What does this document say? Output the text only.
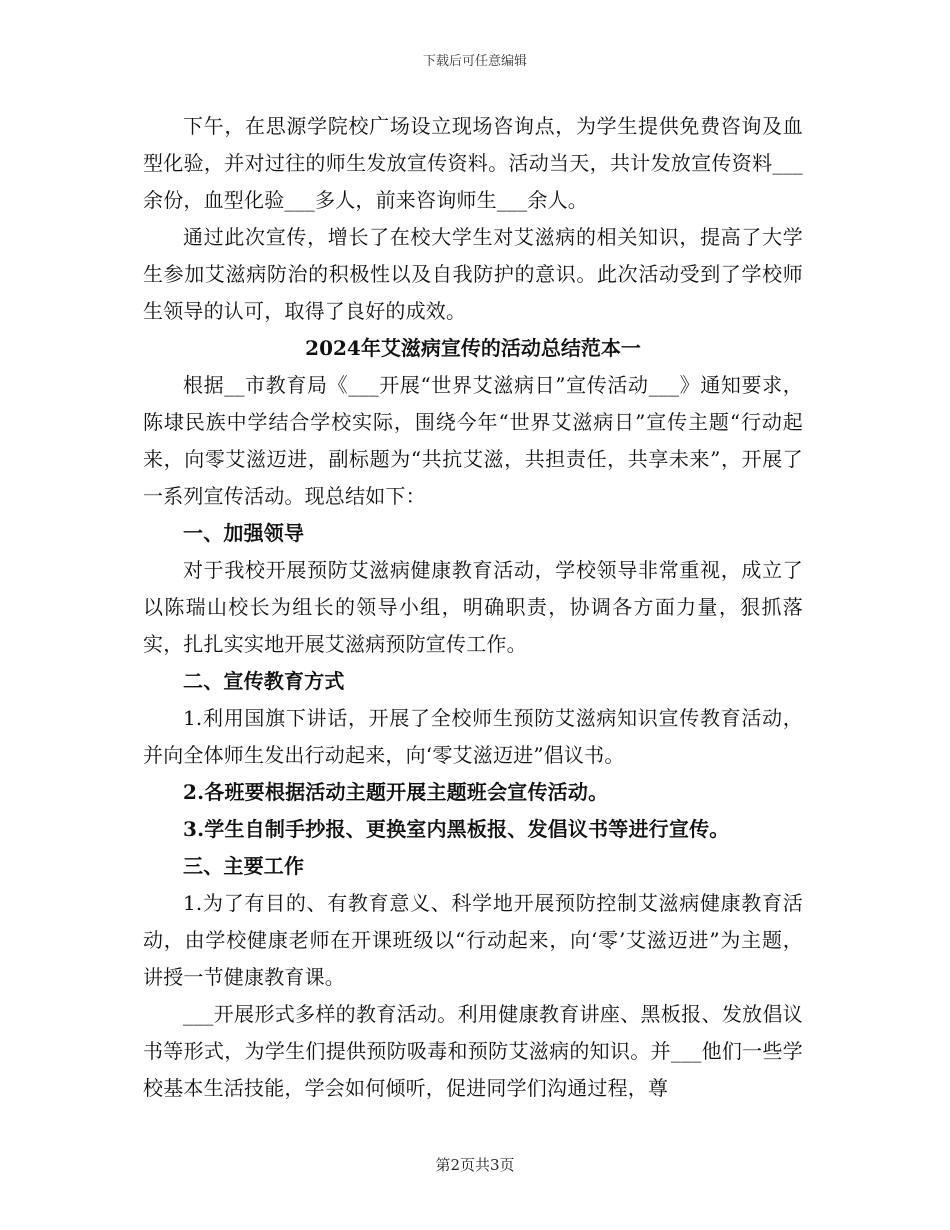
下载后可任意编辑

下午，在思源学院校广场设立现场咨询点，为学生提供免费咨询及血型化验，并对过往的师生发放宣传资料。活动当天，共计发放宣传资料___余份，血型化验___多人，前来咨询师生___余人。

通过此次宣传，增长了在校大学生对艾滋病的相关知识，提高了大学生参加艾滋病防治的积极性以及自我防护的意识。此次活动受到了学校师生领导的认可，取得了良好的成效。

2024年艾滋病宣传的活动总结范本一

根据__市教育局《___开展“世界艾滋病日”宣传活动___》通知要求，陈埭民族中学结合学校实际，围绕今年“世界艾滋病日”宣传主题“行动起来，向零艾滋迈进，副标题为“共抗艾滋，共担责任，共享未来”，开展了一系列宣传活动。现总结如下：

一、加强领导

对于我校开展预防艾滋病健康教育活动，学校领导非常重视，成立了以陈瑞山校长为组长的领导小组，明确职责，协调各方面力量，狠抓落实，扎扎实实地开展艾滋病预防宣传工作。

二、宣传教育方式

1.利用国旗下讲话，开展了全校师生预防艾滋病知识宣传教育活动，并向全体师生发出行动起来，向‘零艾滋迈进”倡议书。

2.各班要根据活动主题开展主题班会宣传活动。

3.学生自制手抄报、更换室内黑板报、发倡议书等进行宣传。

三、主要工作

1.为了有目的、有教育意义、科学地开展预防控制艾滋病健康教育活动，由学校健康老师在开课班级以“行动起来，向‘零’艾滋迈进”为主题，讲授一节健康教育课。

___开展形式多样的教育活动。利用健康教育讲座、黑板报、发放倡议书等形式，为学生们提供预防吸毒和预防艾滋病的知识。并___他们一些学校基本生活技能，学会如何倾听，促进同学们沟通过程，尊

第2页共3页
